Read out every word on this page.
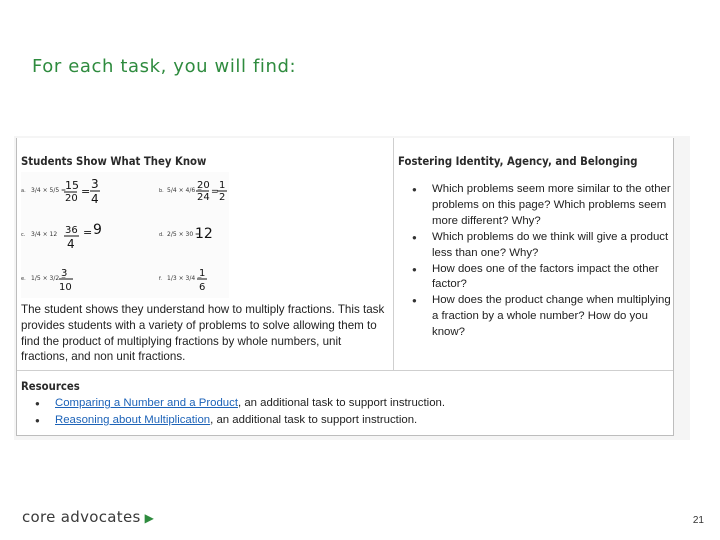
For each task, you will find:
Students Show What They Know
a. 3/4 × 5/5 =
15
20
=
3
4
b. 5/4 × 4/6 =
20
24 =
1
2
c. 3/4 × 12 36
4
= 9	d. 2/5 × 30 =
12
e. 1/5 × 3/2 =
3
10
f. 1/3 × 3/4 =
1
6
The student shows they understand how to multiply fractions. This task provides students with a variety of problems to solve allowing them to find the product of multiplying fractions by whole numbers, unit fractions, and non unit fractions.
Fostering Identity, Agency, and Belonging
● Which problems seem more similar to the other problems on this page? Which problems seem more different? Why?
● Which problems do we think will give a product less than one? Why?
● How does one of the factors impact the other factor?
● How does the product change when multiplying a fraction by a whole number? How do you know?
Resources
● Comparing a Number and a Product, an additional task to support instruction.
● Reasoning about Multiplication, an additional task to support instruction.
core advocates ▶	21
